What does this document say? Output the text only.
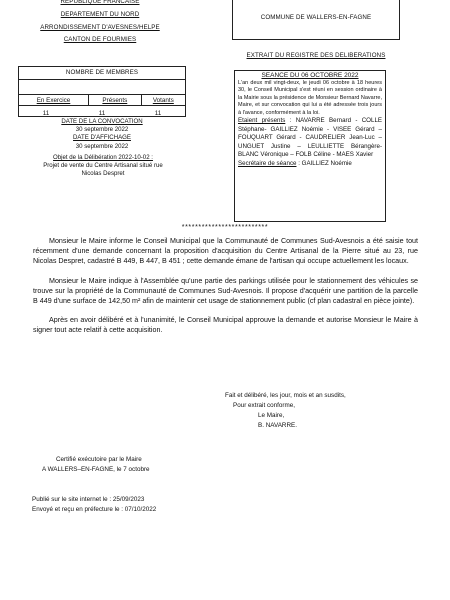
REPUBLIQUE FRANCAISE
DEPARTEMENT DU NORD
ARRONDISSEMENT D'AVESNES/HELPE
CANTON DE FOURMIES
NOMBRE DE MEMBRES
En Exercice	Présents	Votants
11	11	11
DATE DE LA CONVOCATION
30 septembre 2022
DATE D'AFFICHAGE
30 septembre 2022
Objet de la Délibération 2022-10-02 :
Projet de vente du Centre Artisanal situé rue Nicolas Despret
COMMUNE DE WALLERS-EN-FAGNE
EXTRAIT DU REGISTRE DES DELIBERATIONS
SEANCE DU 06 OCTOBRE 2022
L'an deux mil vingt-deux, le jeudi 06 octobre à 18 heures 30, le Conseil Municipal s'est réuni en session ordinaire à la Mairie sous la présidence de Monsieur Bernard Navarre, Maire, et sur convocation qui lui a été adressée trois jours à l'avance, conformément à la loi.
Etaient présents : NAVARRE Bernard - COLLE Stéphane- GAILLIEZ Noémie - VISEE Gérard – FOUQUART Gérard - CAUDRELIER Jean-Luc – UNGUET Justine – LEULLIETTE Bérangère- BLANC Véronique – FOLB Céline - MAES Xavier
Secrétaire de séance : GAILLIEZ Noémie
**************************

Monsieur le Maire informe le Conseil Municipal que la Communauté de Communes Sud-Avesnois a été saisie tout récemment d'une demande concernant la proposition d'acquisition du Centre Artisanal de la Pierre situé au 23, rue Nicolas Despret, cadastré B 449, B 447, B 451 ; cette demande émane de l'artisan qui occupe actuellement les locaux.

Monsieur le Maire indique à l'Assemblée qu'une partie des parkings utilisée pour le stationnement des véhicules se trouve sur la propriété de la Communauté de Communes Sud-Avesnois. Il propose d'acquérir une partition de la parcelle B 449 d'une surface de 142,50 m² afin de maintenir cet usage de stationnement public (cf plan cadastral en pièce jointe).

Après en avoir délibéré et à l'unanimité, le Conseil Municipal approuve la demande et autorise Monsieur le Maire à signer tout acte relatif à cette acquisition.

Fait et délibéré, les jour, mois et an susdits,
Pour extrait conforme,
Le Maire,
B. NAVARRE.
Certifié exécutoire par le Maire
A WALLERS–EN-FAGNE, le 7 octobre
Publié sur le site internet le : 25/09/2023
Envoyé et reçu en préfecture le : 07/10/2022
